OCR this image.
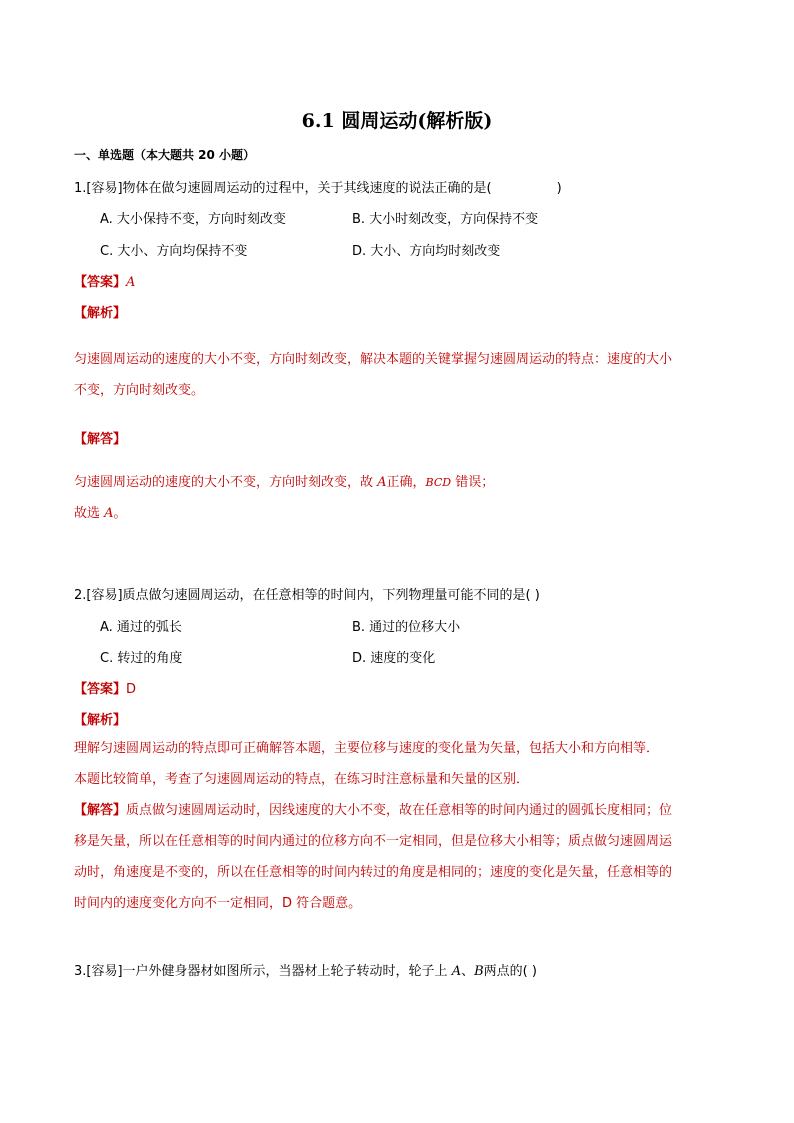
6.1 圆周运动(解析版)
一、单选题（本大题共 20 小题）
1.[容易]物体在做匀速圆周运动的过程中，关于其线速度的说法正确的是(　　　　　)
A. 大小保持不变，方向时刻改变	B. 大小时刻改变，方向保持不变
C. 大小、方向均保持不变	D. 大小、方向均时刻改变
【答案】A
【解析】
匀速圆周运动的速度的大小不变，方向时刻改变，解决本题的关键掌握匀速圆周运动的特点：速度的大小
不变，方向时刻改变。
【解答】
匀速圆周运动的速度的大小不变，方向时刻改变，故 A正确，BCD 错误；
故选 A。
2.[容易]质点做匀速圆周运动，在任意相等的时间内，下列物理量可能不同的是( )
A. 通过的弧长	B. 通过的位移大小
C. 转过的角度	D. 速度的变化
【答案】D
【解析】
理解匀速圆周运动的特点即可正确解答本题，主要位移与速度的变化量为矢量，包括大小和方向相等．
本题比较简单，考查了匀速圆周运动的特点，在练习时注意标量和矢量的区别．
【解答】质点做匀速圆周运动时，因线速度的大小不变，故在任意相等的时间内通过的圆弧长度相同；位
移是矢量，所以在任意相等的时间内通过的位移方向不一定相同，但是位移大小相等；质点做匀速圆周运
动时，角速度是不变的，所以在任意相等的时间内转过的角度是相同的；速度的变化是矢量，任意相等的
时间内的速度变化方向不一定相同，D 符合题意。
3.[容易]一户外健身器材如图所示，当器材上轮子转动时，轮子上 A、B两点的( )
